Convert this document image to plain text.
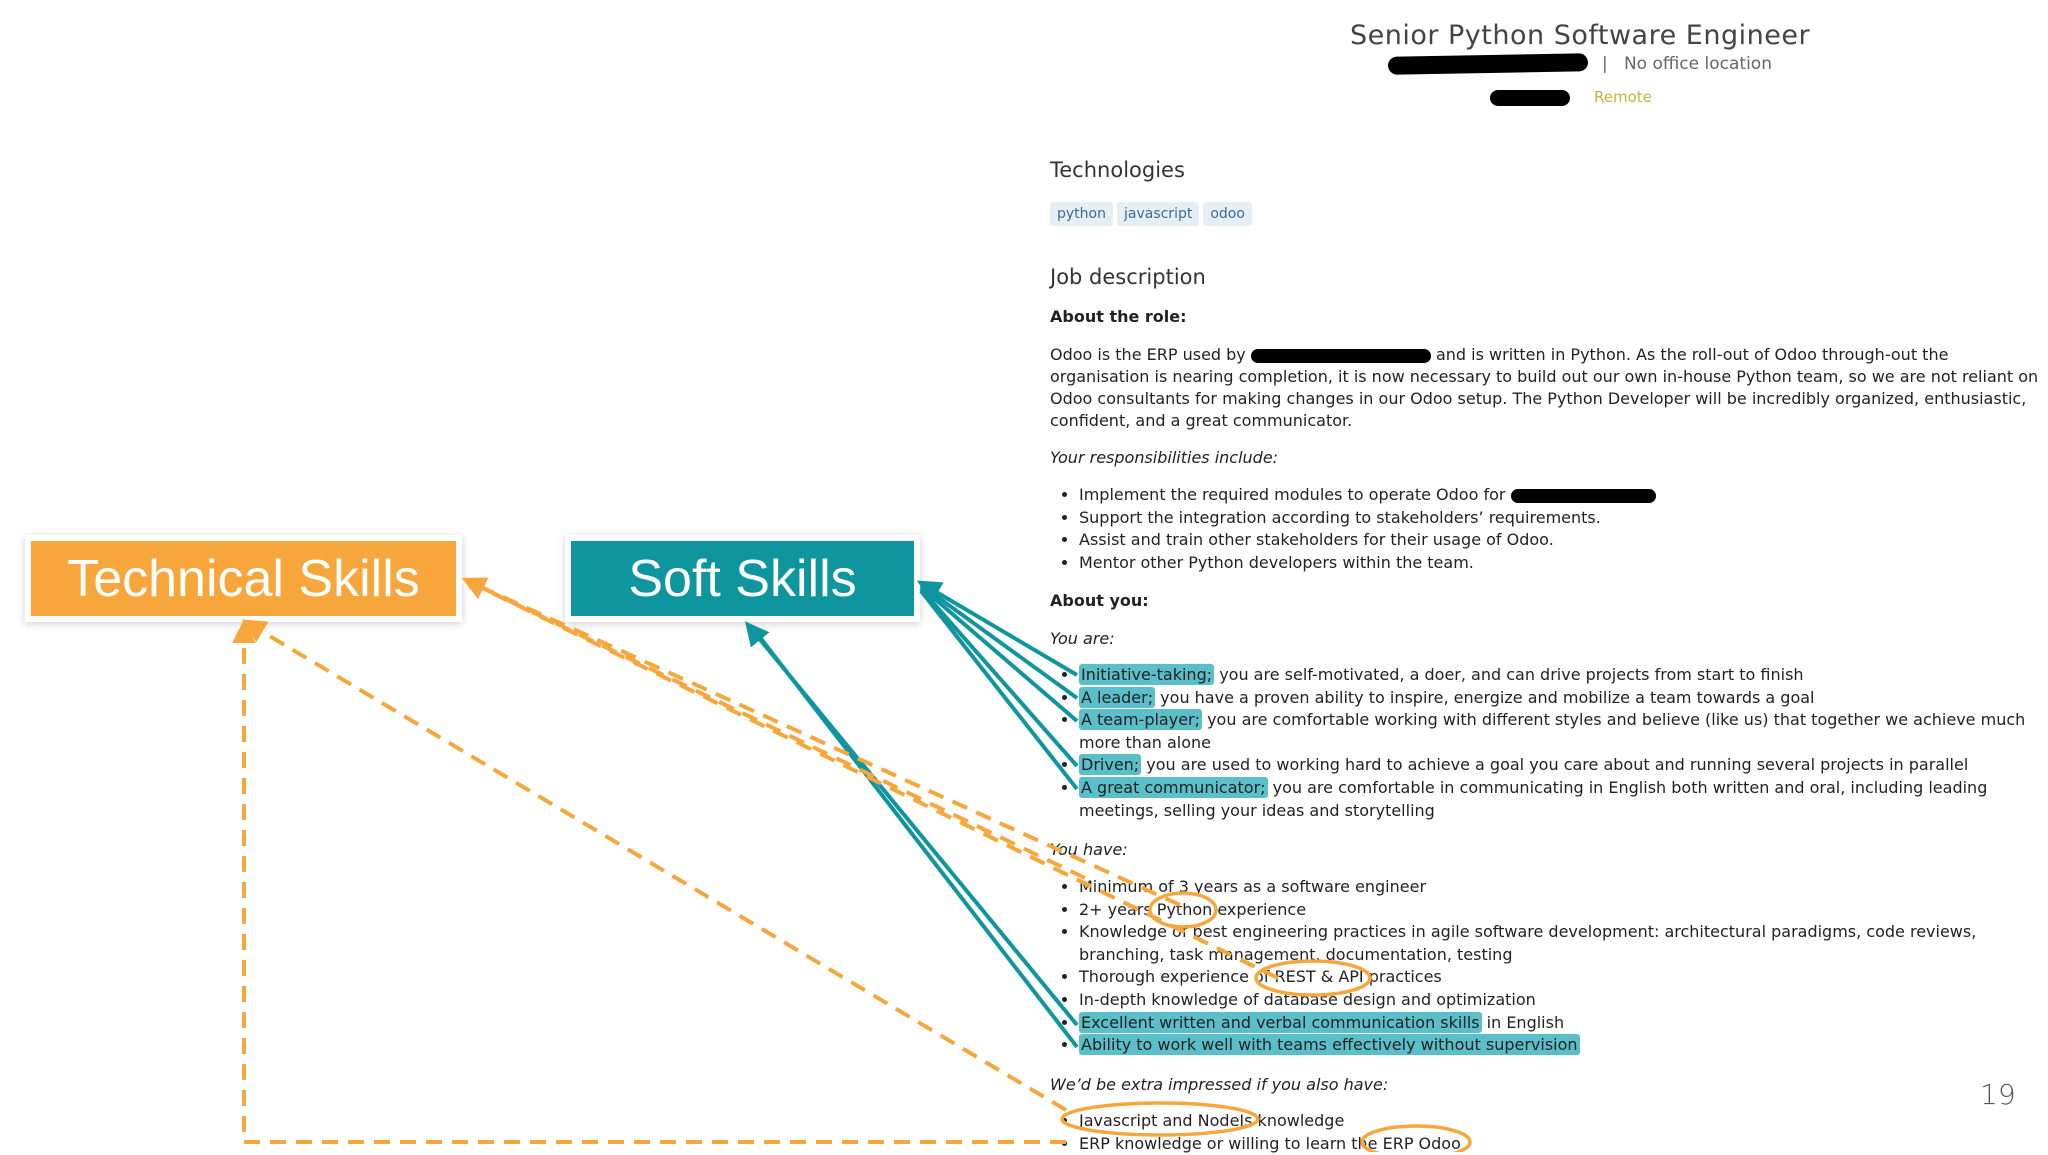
Senior Python Software Engineer
| No office location
Remote
Technologies
python	javascript	odoo
Job description
About the role:
Odoo is the ERP used by	and is written in Python. As the roll-out of Odoo through-out the
organisation is nearing completion, it is now necessary to build out our own in-house Python team, so we are not reliant on
Odoo consultants for making changes in our Odoo setup. The Python Developer will be incredibly organized, enthusiastic,
confident, and a great communicator.
Your responsibilities include:
• Implement the required modules to operate Odoo for
• Support the integration according to stakeholders’ requirements.
• Assist and train other stakeholders for their usage of Odoo.
• Mentor other Python developers within the team.
About you:
You are:
• Initiative-taking; you are self-motivated, a doer, and can drive projects from start to finish
• A leader; you have a proven ability to inspire, energize and mobilize a team towards a goal
• A team-player; you are comfortable working with different styles and believe (like us) that together we achieve much more than alone
• Driven; you are used to working hard to achieve a goal you care about and running several projects in parallel
• A great communicator; you are comfortable in communicating in English both written and oral, including leading meetings, selling your ideas and storytelling
You have:
• Minimum of 3 years as a software engineer
• 2+ years Python experience
• Knowledge of best engineering practices in agile software development: architectural paradigms, code reviews, branching, task management, documentation, testing
• Thorough experience of REST & API practices
• In-depth knowledge of database design and optimization
• Excellent written and verbal communication skills in English
• Ability to work well with teams effectively without supervision
We’d be extra impressed if you also have:
• Javascript and NodeJs knowledge
• ERP knowledge or willing to learn the ERP Odoo
Technical Skills	Soft Skills
19
